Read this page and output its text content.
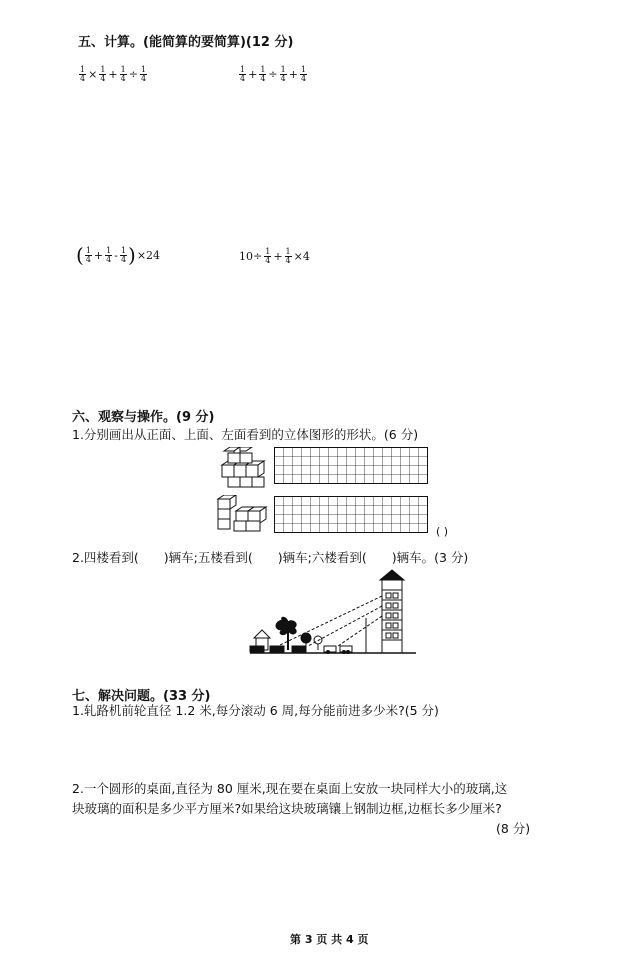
五、计算。(能简算的要简算)(12 分)
$\frac{1}{4} \times \frac{1}{4} + \frac{1}{4} \div \frac{1}{4}$	$\frac{1}{4} + \frac{1}{4} \div \frac{1}{4} + \frac{1}{4}$
( $\frac{1}{4} + \frac{1}{4} - \frac{1}{4}$ ) ×24	$10\div \frac{1}{4} + \frac{1}{4} \times 4$
六、观察与操作。(9 分)
1.分别画出从正面、上面、左面看到的立体图形的形状。(6 分)
( )
2.四楼看到(　　)辆车;五楼看到(　　)辆车;六楼看到(　　)辆车。(3 分)
七、解决问题。(33 分)
1.轧路机前轮直径 1.2 米,每分滚动 6 周,每分能前进多少米?(5 分)
2.一个圆形的桌面,直径为 80 厘米,现在要在桌面上安放一块同样大小的玻璃,这
块玻璃的面积是多少平方厘米?如果给这块玻璃镶上钢制边框,边框长多少厘米?
(8 分)
第 3 页 共 4 页
